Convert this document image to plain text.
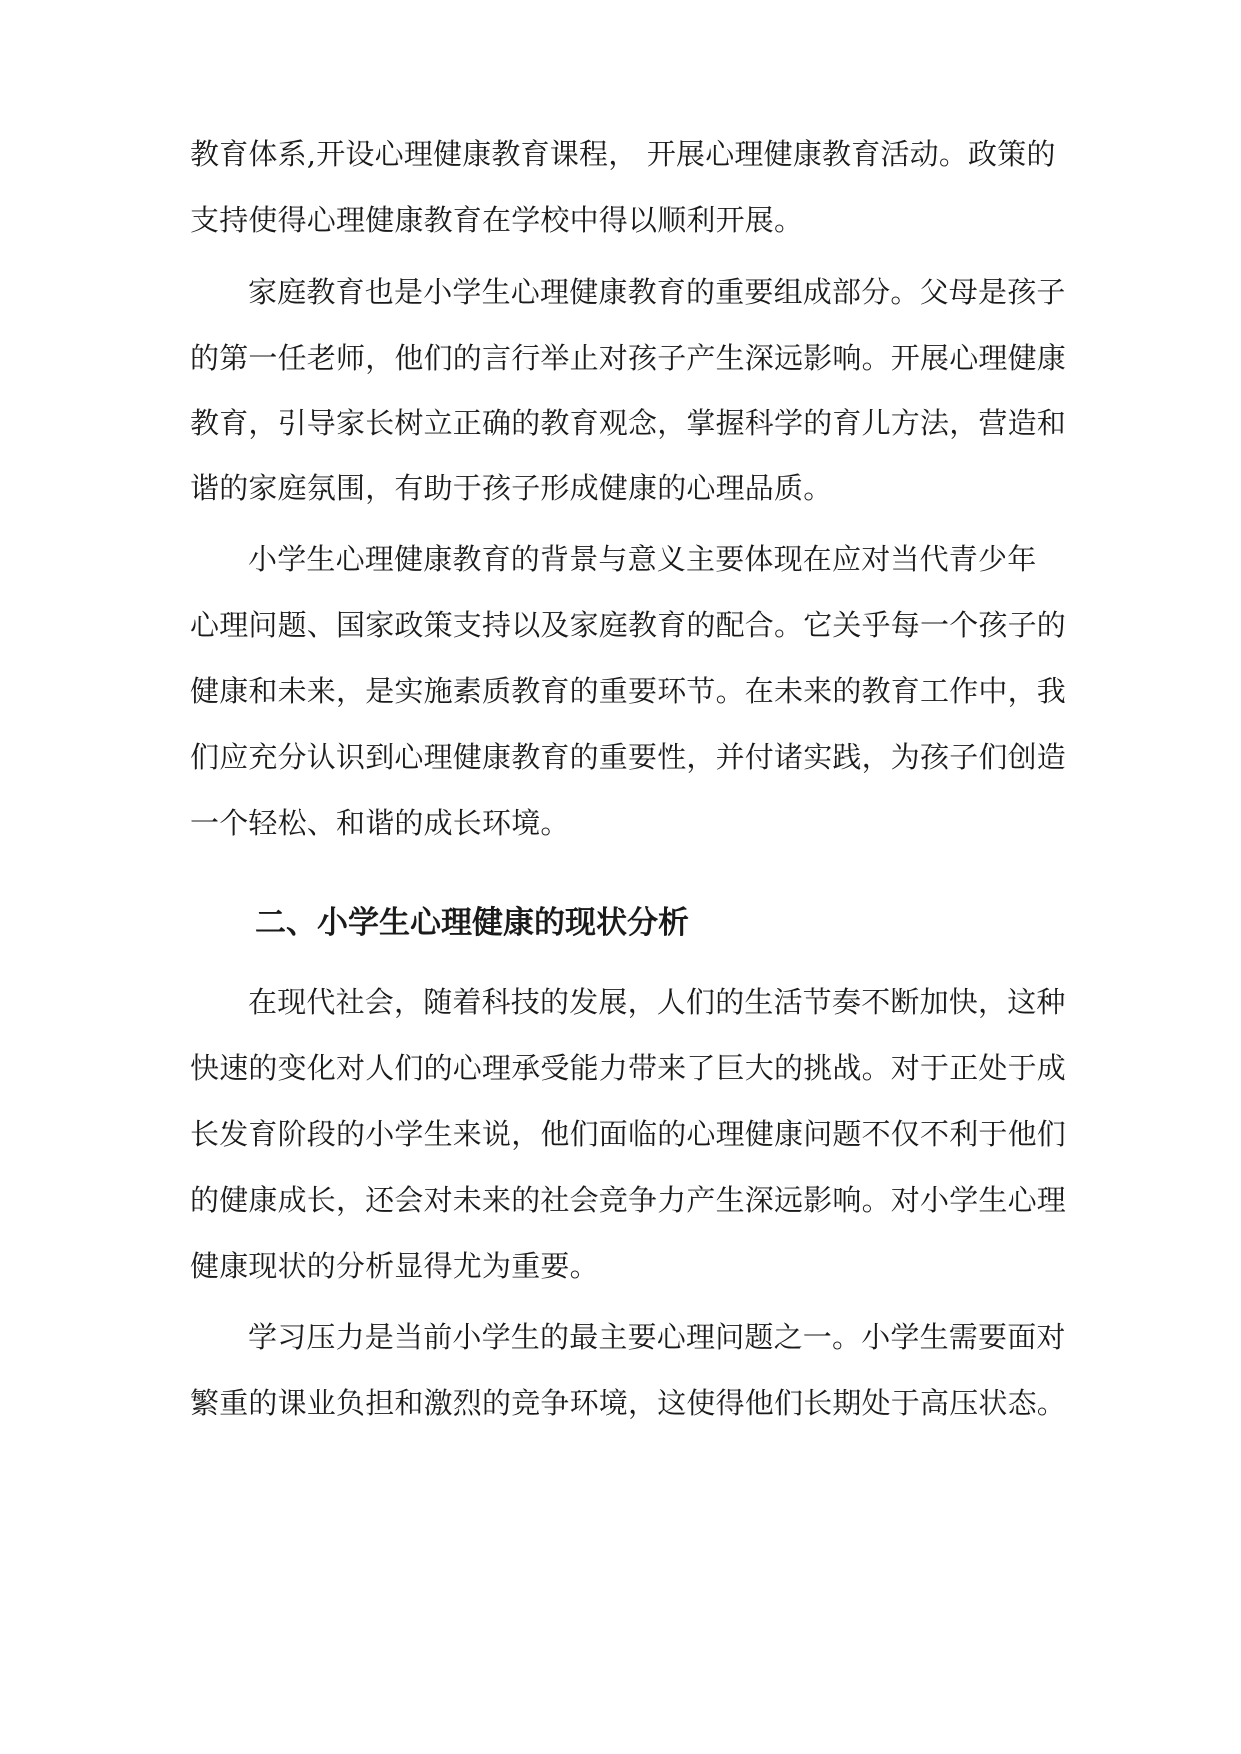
教育体系,开设心理健康教育课程， 开展心理健康教育活动。政策的
支持使得心理健康教育在学校中得以顺利开展。
家庭教育也是小学生心理健康教育的重要组成部分。父母是孩子
的第一任老师，他们的言行举止对孩子产生深远影响。开展心理健康
教育，引导家长树立正确的教育观念，掌握科学的育儿方法，营造和
谐的家庭氛围，有助于孩子形成健康的心理品质。
小学生心理健康教育的背景与意义主要体现在应对当代青少年
心理问题、国家政策支持以及家庭教育的配合。它关乎每一个孩子的
健康和未来，是实施素质教育的重要环节。在未来的教育工作中，我
们应充分认识到心理健康教育的重要性，并付诸实践，为孩子们创造
一个轻松、和谐的成长环境。
二、小学生心理健康的现状分析
在现代社会，随着科技的发展，人们的生活节奏不断加快，这种
快速的变化对人们的心理承受能力带来了巨大的挑战。对于正处于成
长发育阶段的小学生来说，他们面临的心理健康问题不仅不利于他们
的健康成长，还会对未来的社会竞争力产生深远影响。对小学生心理
健康现状的分析显得尤为重要。
学习压力是当前小学生的最主要心理问题之一。小学生需要面对
繁重的课业负担和激烈的竞争环境，这使得他们长期处于高压状态。
